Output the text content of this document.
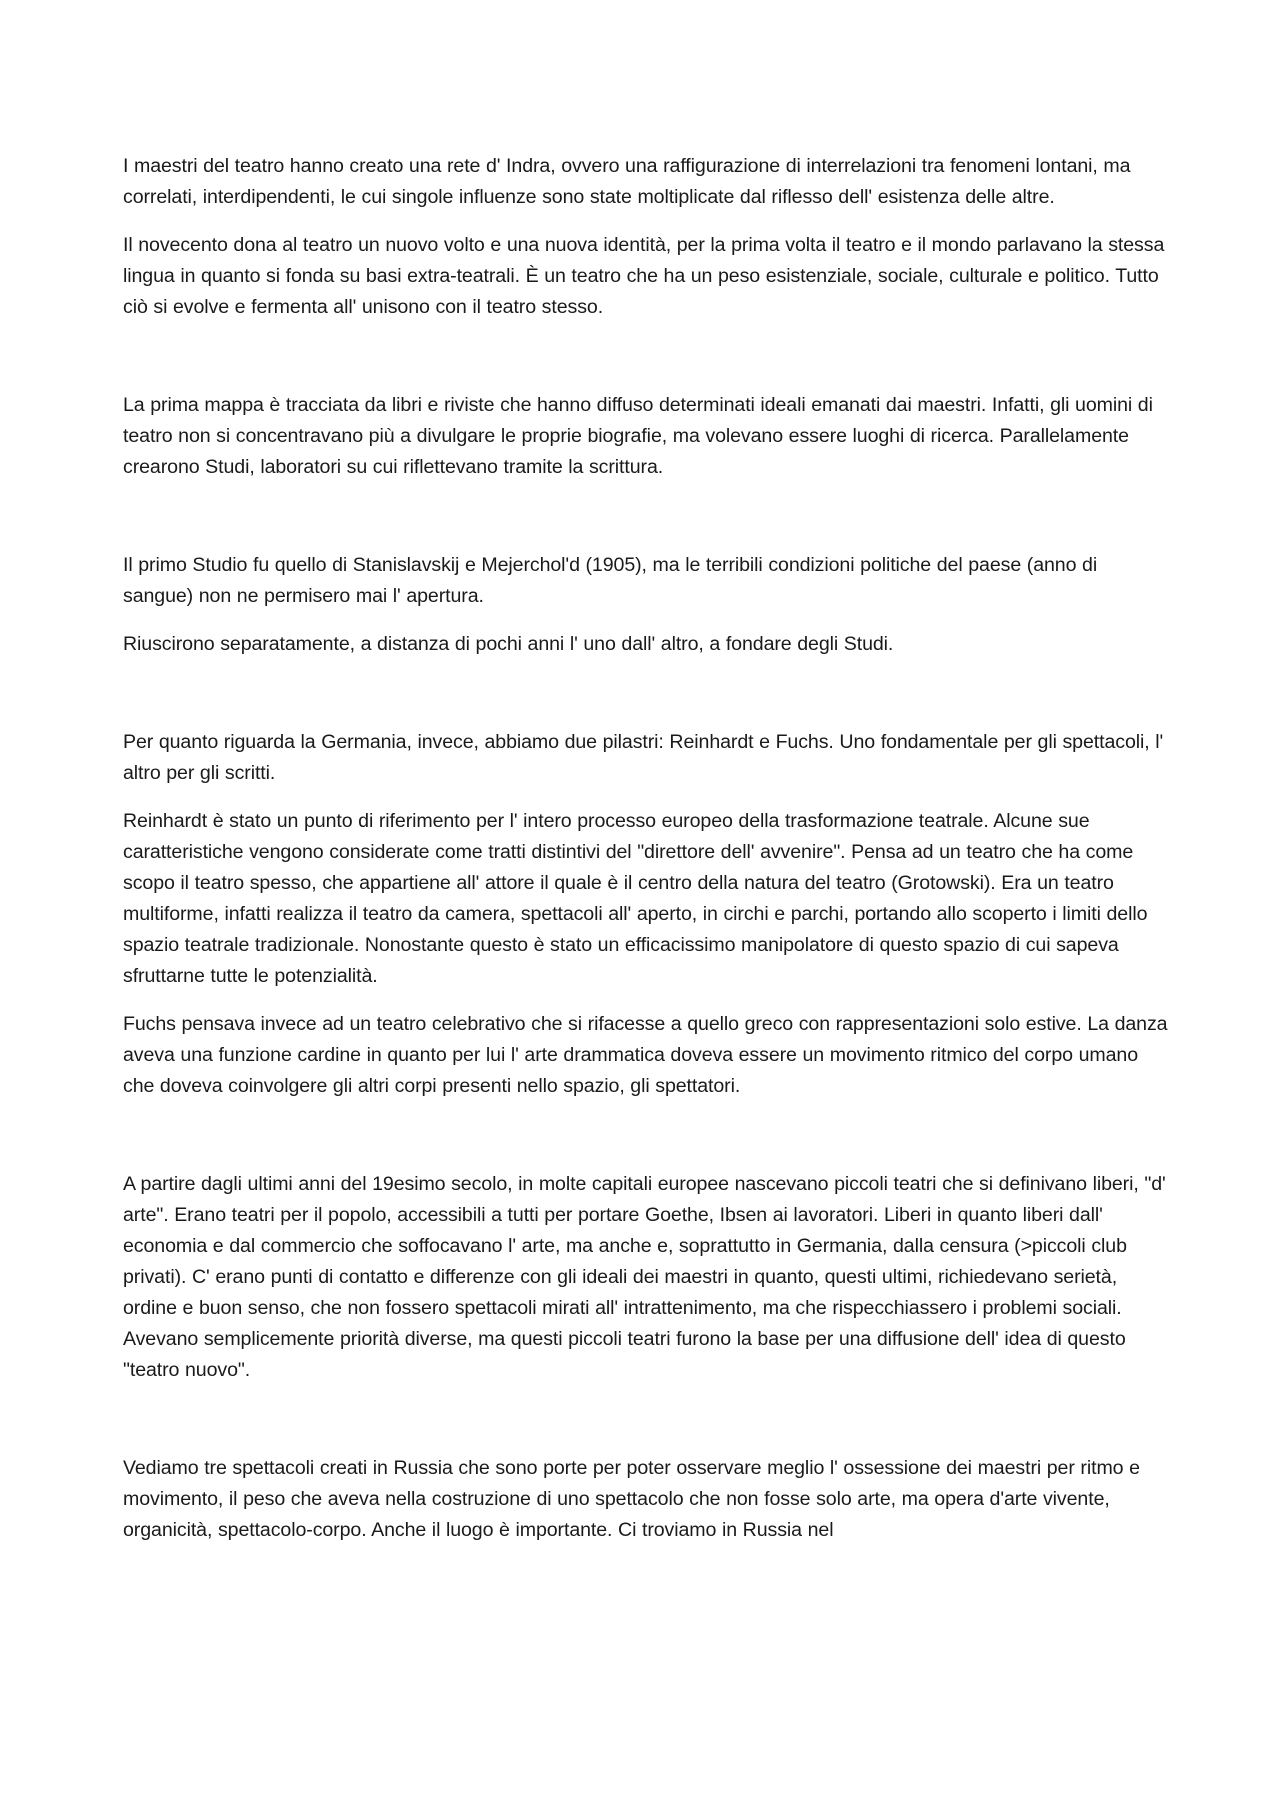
I maestri del teatro hanno creato una rete d' Indra, ovvero una raffigurazione di interrelazioni tra fenomeni lontani, ma correlati, interdipendenti, le cui singole influenze sono state moltiplicate dal riflesso dell' esistenza delle altre.

Il novecento dona al teatro un nuovo volto e una nuova identità, per la prima volta il teatro e il mondo parlavano la stessa lingua in quanto si fonda su basi extra-teatrali. È un teatro che ha un peso esistenziale, sociale, culturale e politico. Tutto ciò si evolve e fermenta all' unisono con il teatro stesso.

La prima mappa è tracciata da libri e riviste che hanno diffuso determinati ideali emanati dai maestri. Infatti, gli uomini di teatro non si concentravano più a divulgare le proprie biografie, ma volevano essere luoghi di ricerca. Parallelamente crearono Studi, laboratori su cui riflettevano tramite la scrittura.

Il primo Studio fu quello di Stanislavskij e Mejerchol'd (1905), ma le terribili condizioni politiche del paese (anno di sangue) non ne permisero mai l' apertura.

Riuscirono separatamente, a distanza di pochi anni l' uno dall' altro, a fondare degli Studi.

Per quanto riguarda la Germania, invece, abbiamo due pilastri: Reinhardt e Fuchs. Uno fondamentale per gli spettacoli, l' altro per gli scritti.

Reinhardt è stato un punto di riferimento per l' intero processo europeo della trasformazione teatrale. Alcune sue caratteristiche vengono considerate come tratti distintivi del "direttore dell' avvenire". Pensa ad un teatro che ha come scopo il teatro spesso, che appartiene all' attore il quale è il centro della natura del teatro (Grotowski). Era un teatro multiforme, infatti realizza il teatro da camera, spettacoli all' aperto, in circhi e parchi, portando allo scoperto i limiti dello spazio teatrale tradizionale. Nonostante questo è stato un efficacissimo manipolatore di questo spazio di cui sapeva sfruttarne tutte le potenzialità.

Fuchs pensava invece ad un teatro celebrativo che si rifacesse a quello greco con rappresentazioni solo estive. La danza aveva una funzione cardine in quanto per lui l' arte drammatica doveva essere un movimento ritmico del corpo umano che doveva coinvolgere gli altri corpi presenti nello spazio, gli spettatori.

A partire dagli ultimi anni del 19esimo secolo, in molte capitali europee nascevano piccoli teatri che si definivano liberi, "d' arte". Erano teatri per il popolo, accessibili a tutti per portare Goethe, Ibsen ai lavoratori. Liberi in quanto liberi dall' economia e dal commercio che soffocavano l' arte, ma anche e, soprattutto in Germania, dalla censura (>piccoli club privati). C' erano punti di contatto e differenze con gli ideali dei maestri in quanto, questi ultimi, richiedevano serietà, ordine e buon senso, che non fossero spettacoli mirati all' intrattenimento, ma che rispecchiassero i problemi sociali. Avevano semplicemente priorità diverse, ma questi piccoli teatri furono la base per una diffusione dell' idea di questo "teatro nuovo".

Vediamo tre spettacoli creati in Russia che sono porte per poter osservare meglio l' ossessione dei maestri per ritmo e movimento, il peso che aveva nella costruzione di uno spettacolo che non fosse solo arte, ma opera d'arte vivente, organicità, spettacolo-corpo. Anche il luogo è importante. Ci troviamo in Russia nel
